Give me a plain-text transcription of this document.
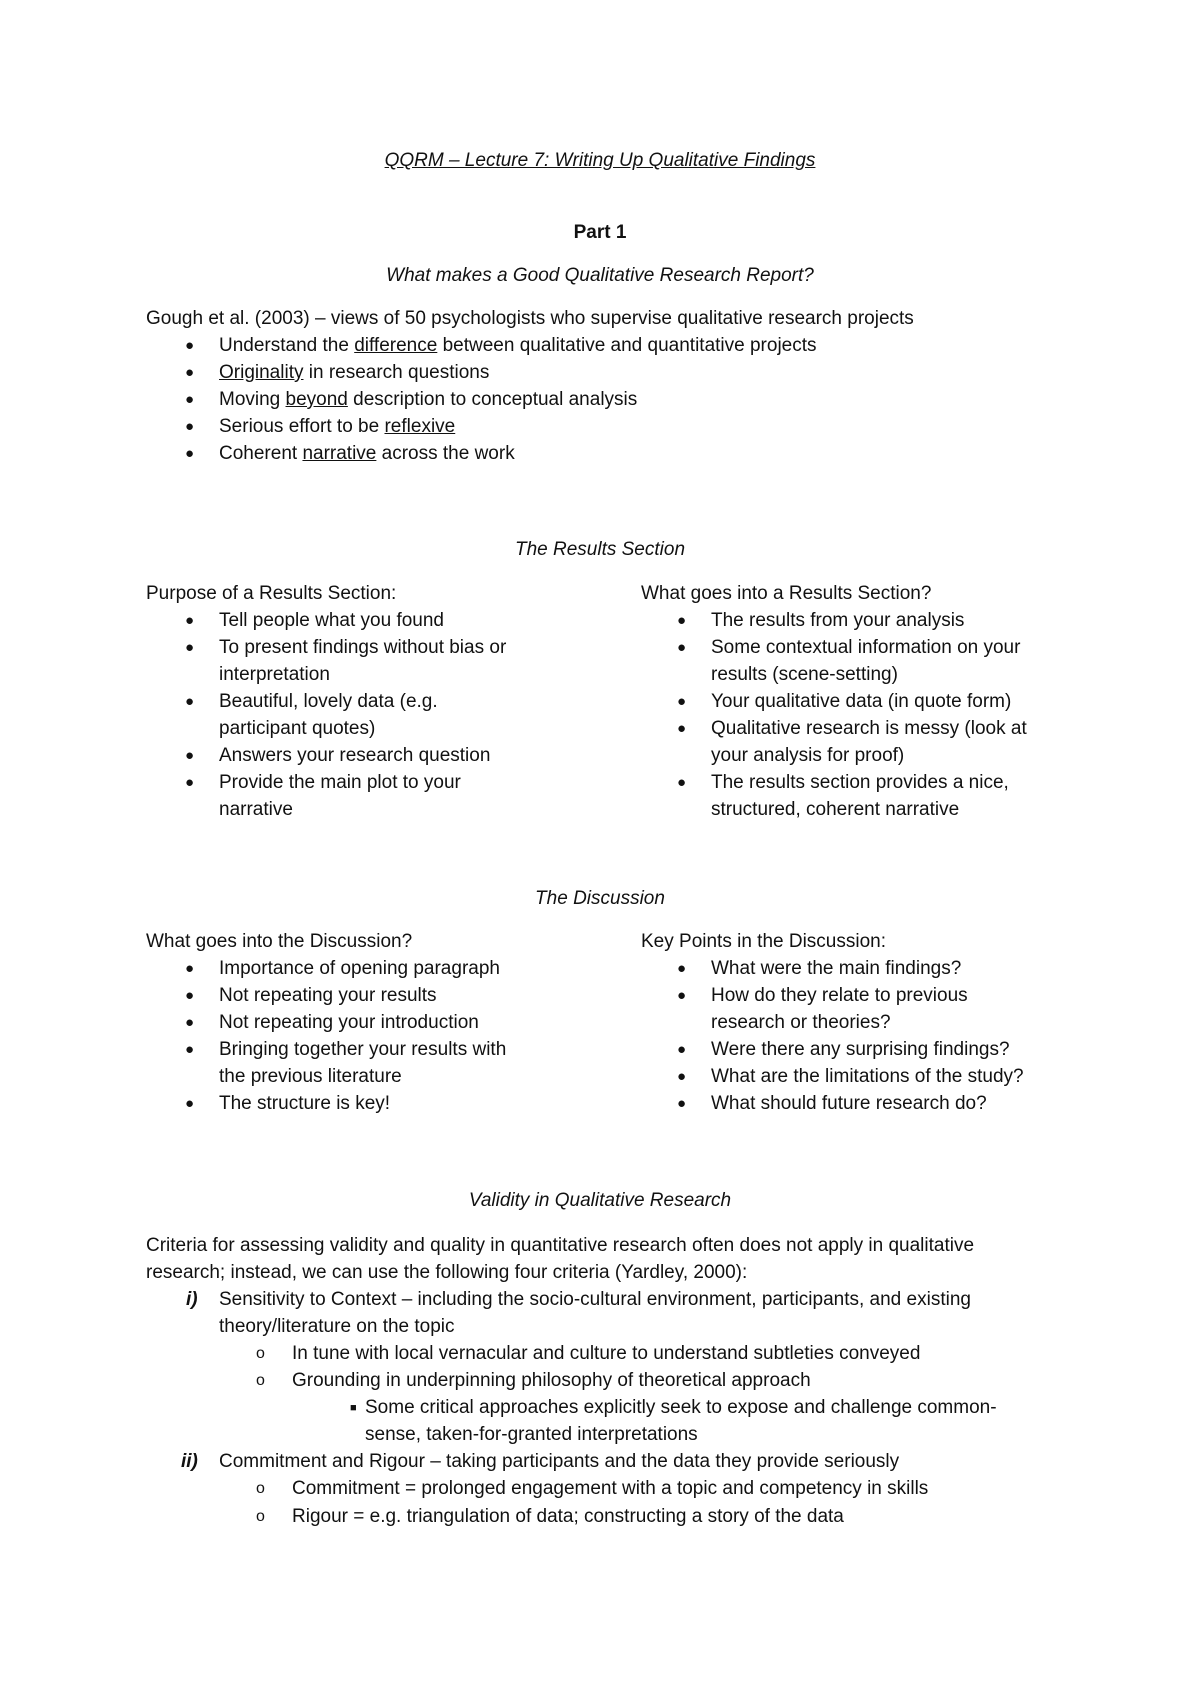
QQRM – Lecture 7: Writing Up Qualitative Findings
Part 1
What makes a Good Qualitative Research Report?
Gough et al. (2003) – views of 50 psychologists who supervise qualitative research projects
● Understand the difference between qualitative and quantitative projects
● Originality in research questions
● Moving beyond description to conceptual analysis
● Serious effort to be reflexive
● Coherent narrative across the work
The Results Section
Purpose of a Results Section:
● Tell people what you found
● To present findings without bias or
interpretation
● Beautiful, lovely data (e.g.
participant quotes)
● Answers your research question
● Provide the main plot to your
narrative
What goes into a Results Section?
● The results from your analysis
● Some contextual information on your
results (scene-setting)
● Your qualitative data (in quote form)
● Qualitative research is messy (look at
your analysis for proof)
● The results section provides a nice,
structured, coherent narrative
The Discussion
What goes into the Discussion?
● Importance of opening paragraph
● Not repeating your results
● Not repeating your introduction
● Bringing together your results with
the previous literature
● The structure is key!
Key Points in the Discussion:
● What were the main findings?
● How do they relate to previous
research or theories?
● Were there any surprising findings?
● What are the limitations of the study?
● What should future research do?
Validity in Qualitative Research
Criteria for assessing validity and quality in quantitative research often does not apply in qualitative
research; instead, we can use the following four criteria (Yardley, 2000):
i) Sensitivity to Context – including the socio-cultural environment, participants, and existing
theory/literature on the topic
o In tune with local vernacular and culture to understand subtleties conveyed
o Grounding in underpinning philosophy of theoretical approach
■ Some critical approaches explicitly seek to expose and challenge common-
sense, taken-for-granted interpretations
ii) Commitment and Rigour – taking participants and the data they provide seriously
o Commitment = prolonged engagement with a topic and competency in skills
o Rigour = e.g. triangulation of data; constructing a story of the data
